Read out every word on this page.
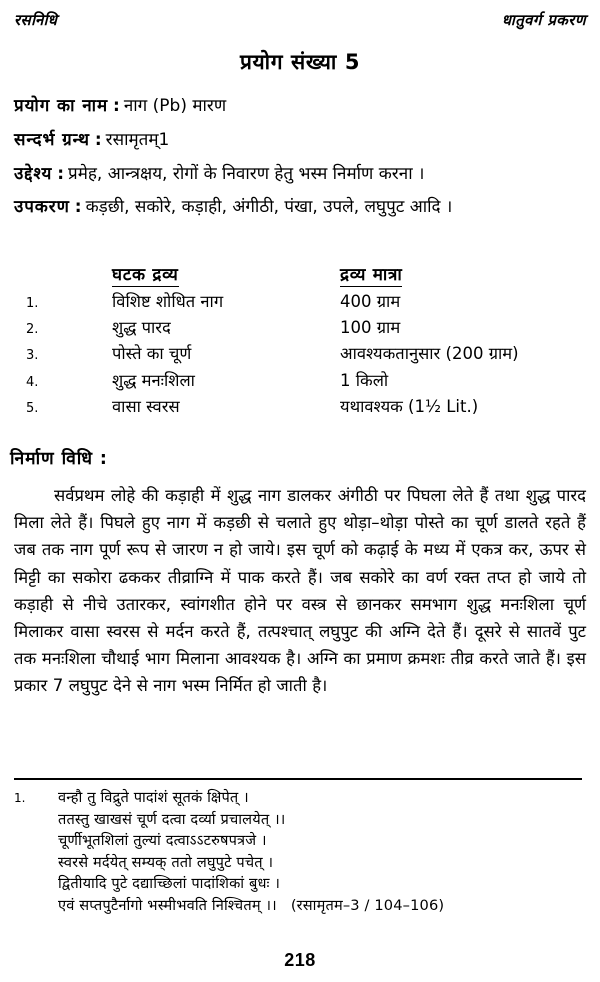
रसनिधि	धातुवर्ग प्रकरण
प्रयोग संख्या 5
प्रयोग का नाम : नाग (Pb) मारण
सन्दर्भ ग्रन्थ : रसामृतम् 1
उद्देश्य : प्रमेह, आन्त्रक्षय, रोगों के निवारण हेतु भस्म निर्माण करना ।
उपकरण : कड़छी, सकोरे, कड़ाही, अंगीठी, पंखा, उपले, लघुपुट आदि ।
	घटक द्रव्य	द्रव्य मात्रा
1.	विशिष्ट शोधित नाग	400 ग्राम
2.	शुद्ध पारद	100 ग्राम
3.	पोस्ते का चूर्ण	आवश्यकतानुसार (200 ग्राम)
4.	शुद्ध मनःशिला	1 किलो
5.	वासा स्वरस	यथावश्यक (1½ Lit.)
निर्माण विधि :
सर्वप्रथम लोहे की कड़ाही में शुद्ध नाग डालकर अंगीठी पर पिघला लेते हैं तथा शुद्ध पारद मिला लेते हैं। पिघले हुए नाग में कड़छी से चलाते हुए थोड़ा–थोड़ा पोस्ते का चूर्ण डालते रहते हैं जब तक नाग पूर्ण रूप से जारण न हो जाये। इस चूर्ण को कढ़ाई के मध्य में एकत्र कर, ऊपर से मिट्टी का सकोरा ढककर तीव्राग्नि में पाक करते हैं। जब सकोरे का वर्ण रक्त तप्त हो जाये तो कड़ाही से नीचे उतारकर, स्वांगशीत होने पर वस्त्र से छानकर समभाग शुद्ध मनःशिला चूर्ण मिलाकर वासा स्वरस से मर्दन करते हैं, तत्पश्चात् लघुपुट की अग्नि देते हैं। दूसरे से सातवें पुट तक मनःशिला चौथाई भाग मिलाना आवश्यक है। अग्नि का प्रमाण क्रमशः तीव्र करते जाते हैं। इस प्रकार 7 लघुपुट देने से नाग भस्म निर्मित हो जाती है।
1.	वन्हौ तु विद्रुते पादांशं सूतकं क्षिपेत् ।
ततस्तु खाखसं चूर्ण दत्वा दर्व्या प्रचालयेत् ।।
चूर्णीभूतशिलां तुल्यां दत्वाऽऽटरुषपत्रजे ।
स्वरसे मर्दयेत् सम्यक् ततो लघुपुटे पचेत् ।
द्वितीयादि पुटे दद्याच्छिलां पादांशिकां बुधः ।
एवं सप्तपुटैर्नागो भस्मीभवति निश्चितम् ।। (रसामृतम–3 / 104–106)
218
